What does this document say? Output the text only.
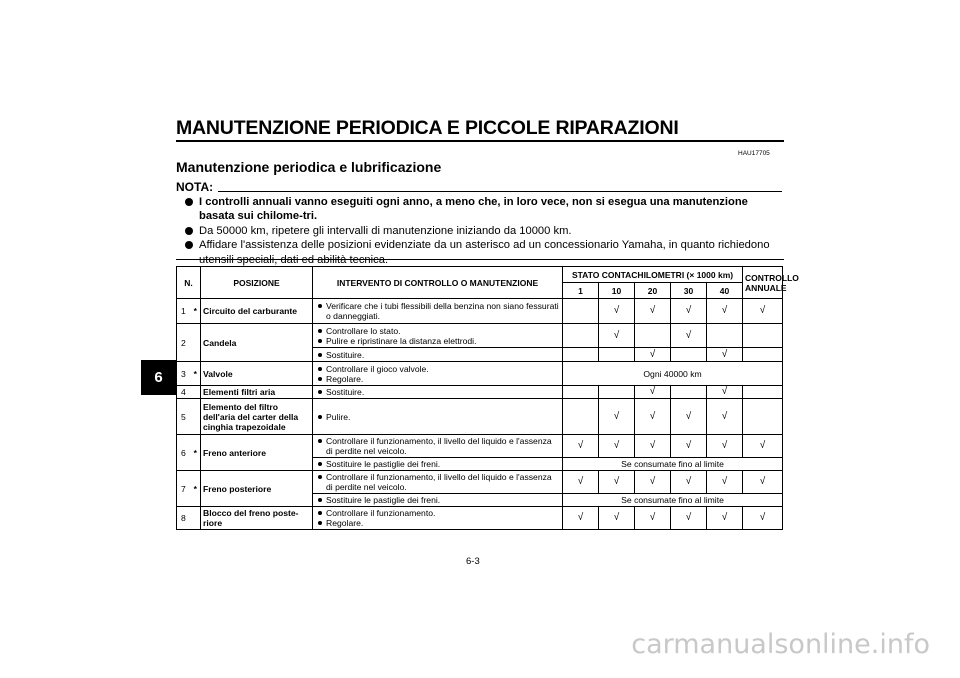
MANUTENZIONE PERIODICA E PICCOLE RIPARAZIONI
HAU17705
Manutenzione periodica e lubrificazione
NOTA:
I controlli annuali vanno eseguiti ogni anno, a meno che, in loro vece, non si esegua una manutenzione basata sui chilome-tri.
Da 50000 km, ripetere gli intervalli di manutenzione iniziando da 10000 km.
Affidare l'assistenza delle posizioni evidenziate da un asterisco ad un concessionario Yamaha, in quanto richiedono
6
N.		POSIZIONE	INTERVENTO DI CONTROLLO O MANUTENZIONE	STATO CONTACHILOMETRI (× 1000 km)					CONTROLLO ANNUALE
				1	10	20	30	40	
1	*	Circuito del carburante	Verificare che i tubi flessibili della benzina non siano fessurati o danneggiati.		√	√	√	√	√
2		Candela	Controllare lo stato.
Pulire e ripristinare la distanza elettrodi.		√		√		

			Sostituire.			√		√	
3	*	Valvole	Controllare il gioco valvole.
Regolare.	Ogni 40000 km					
4		Elementi filtri aria	Sostituire.			√		√	
5		Elemento del filtro dell'aria del carter della cinghia trapezoidale	Pulire.		√	√	√	√	
6	*	Freno anteriore	Controllare il funzionamento, il livello del liquido e l'assenza di perdite nel veicolo.	√	√	√	√	√	√

			Sostituire le pastiglie dei freni.	Se consumate fino al limite					
7	*	Freno posteriore	Controllare il funzionamento, il livello del liquido e l'assenza di perdite nel veicolo.	√	√	√	√	√	√

			Sostituire le pastiglie dei freni.	Se consumate fino al limite					
8		Blocco del freno poste-riore	Controllare il funzionamento.
Regolare.	√	√	√	√	√	√
6-3
carmanualsonline.info
